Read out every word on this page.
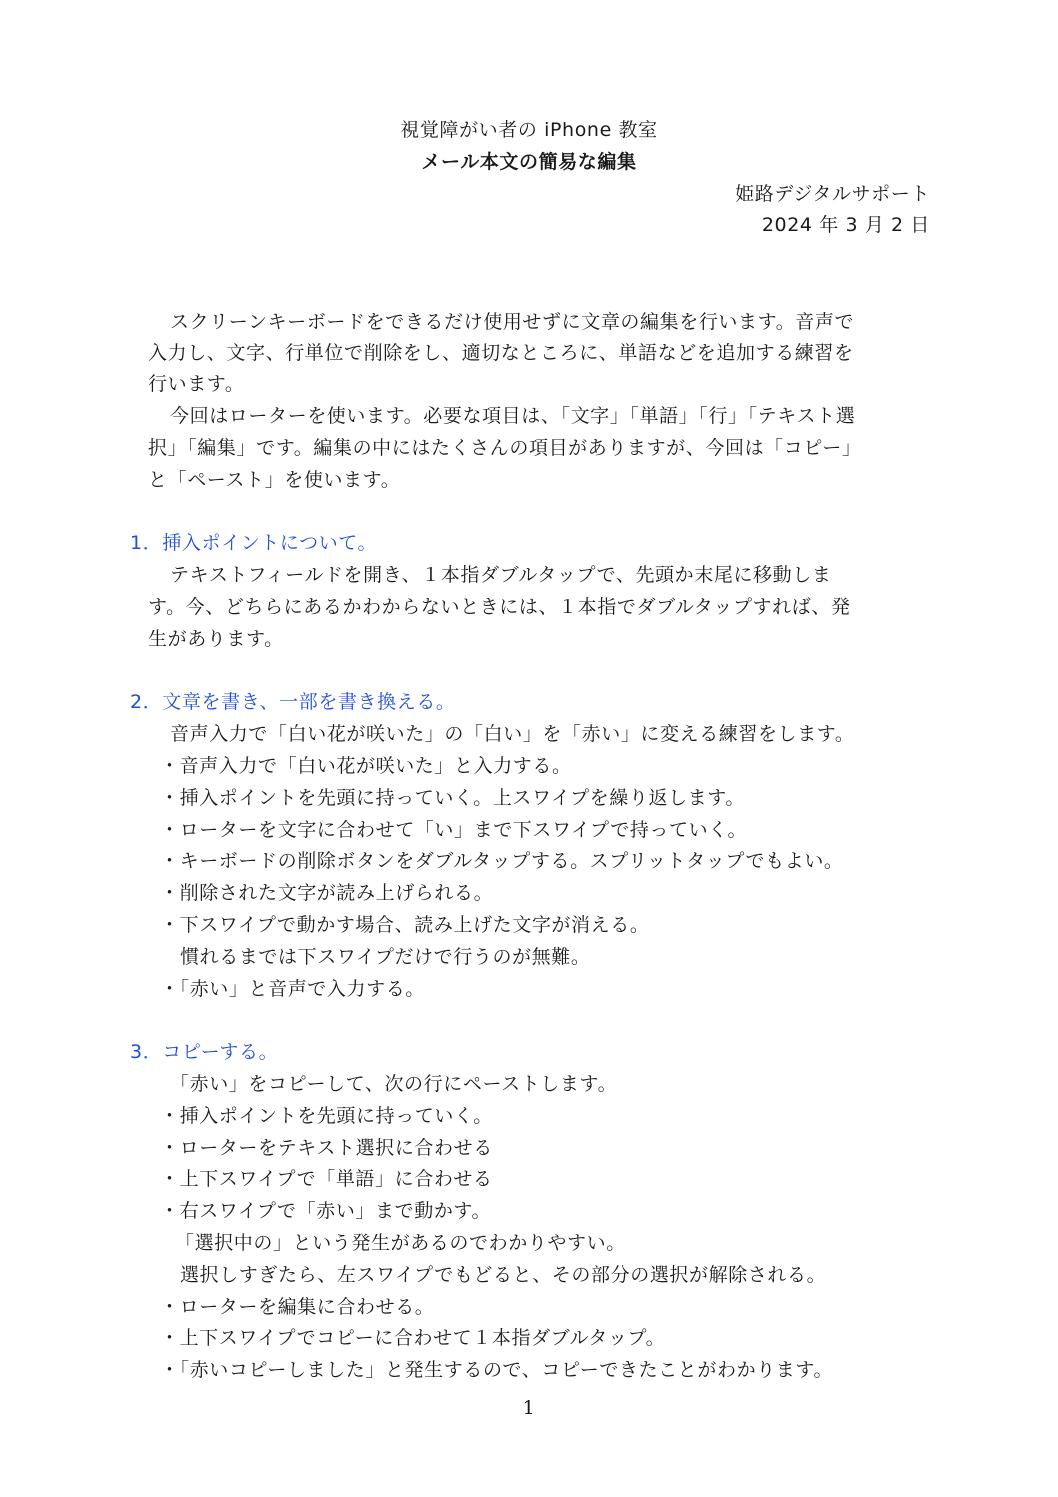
視覚障がい者の iPhone 教室
メール本文の簡易な編集
姫路デジタルサポート
2024 年 3 月 2 日
スクリーンキーボードをできるだけ使用せずに文章の編集を行います。音声で
入力し、文字、行単位で削除をし、適切なところに、単語などを追加する練習を
行います。
今回はローターを使います。必要な項目は、「文字」「単語」「行」「テキスト選
択」「編集」です。編集の中にはたくさんの項目がありますが、今回は「コピー」
と「ペースト」を使います。
1．挿入ポイントについて。
テキストフィールドを開き、１本指ダブルタップで、先頭か末尾に移動しま
す。今、どちらにあるかわからないときには、１本指でダブルタップすれば、発
生があります。
2．文章を書き、一部を書き換える。
音声入力で「白い花が咲いた」の「白い」を「赤い」に変える練習をします。
・音声入力で「白い花が咲いた」と入力する。
・挿入ポイントを先頭に持っていく。上スワイプを繰り返します。
・ローターを文字に合わせて「い」まで下スワイプで持っていく。
・キーボードの削除ボタンをダブルタップする。スプリットタップでもよい。
・削除された文字が読み上げられる。
・下スワイプで動かす場合、読み上げた文字が消える。
慣れるまでは下スワイプだけで行うのが無難。
・「赤い」と音声で入力する。
3．コピーする。
「赤い」をコピーして、次の行にペーストします。
・挿入ポイントを先頭に持っていく。
・ローターをテキスト選択に合わせる
・上下スワイプで「単語」に合わせる
・右スワイプで「赤い」まで動かす。
「選択中の」という発生があるのでわかりやすい。
選択しすぎたら、左スワイプでもどると、その部分の選択が解除される。
・ローターを編集に合わせる。
・上下スワイプでコピーに合わせて１本指ダブルタップ。
・「赤いコピーしました」と発生するので、コピーできたことがわかります。
1
